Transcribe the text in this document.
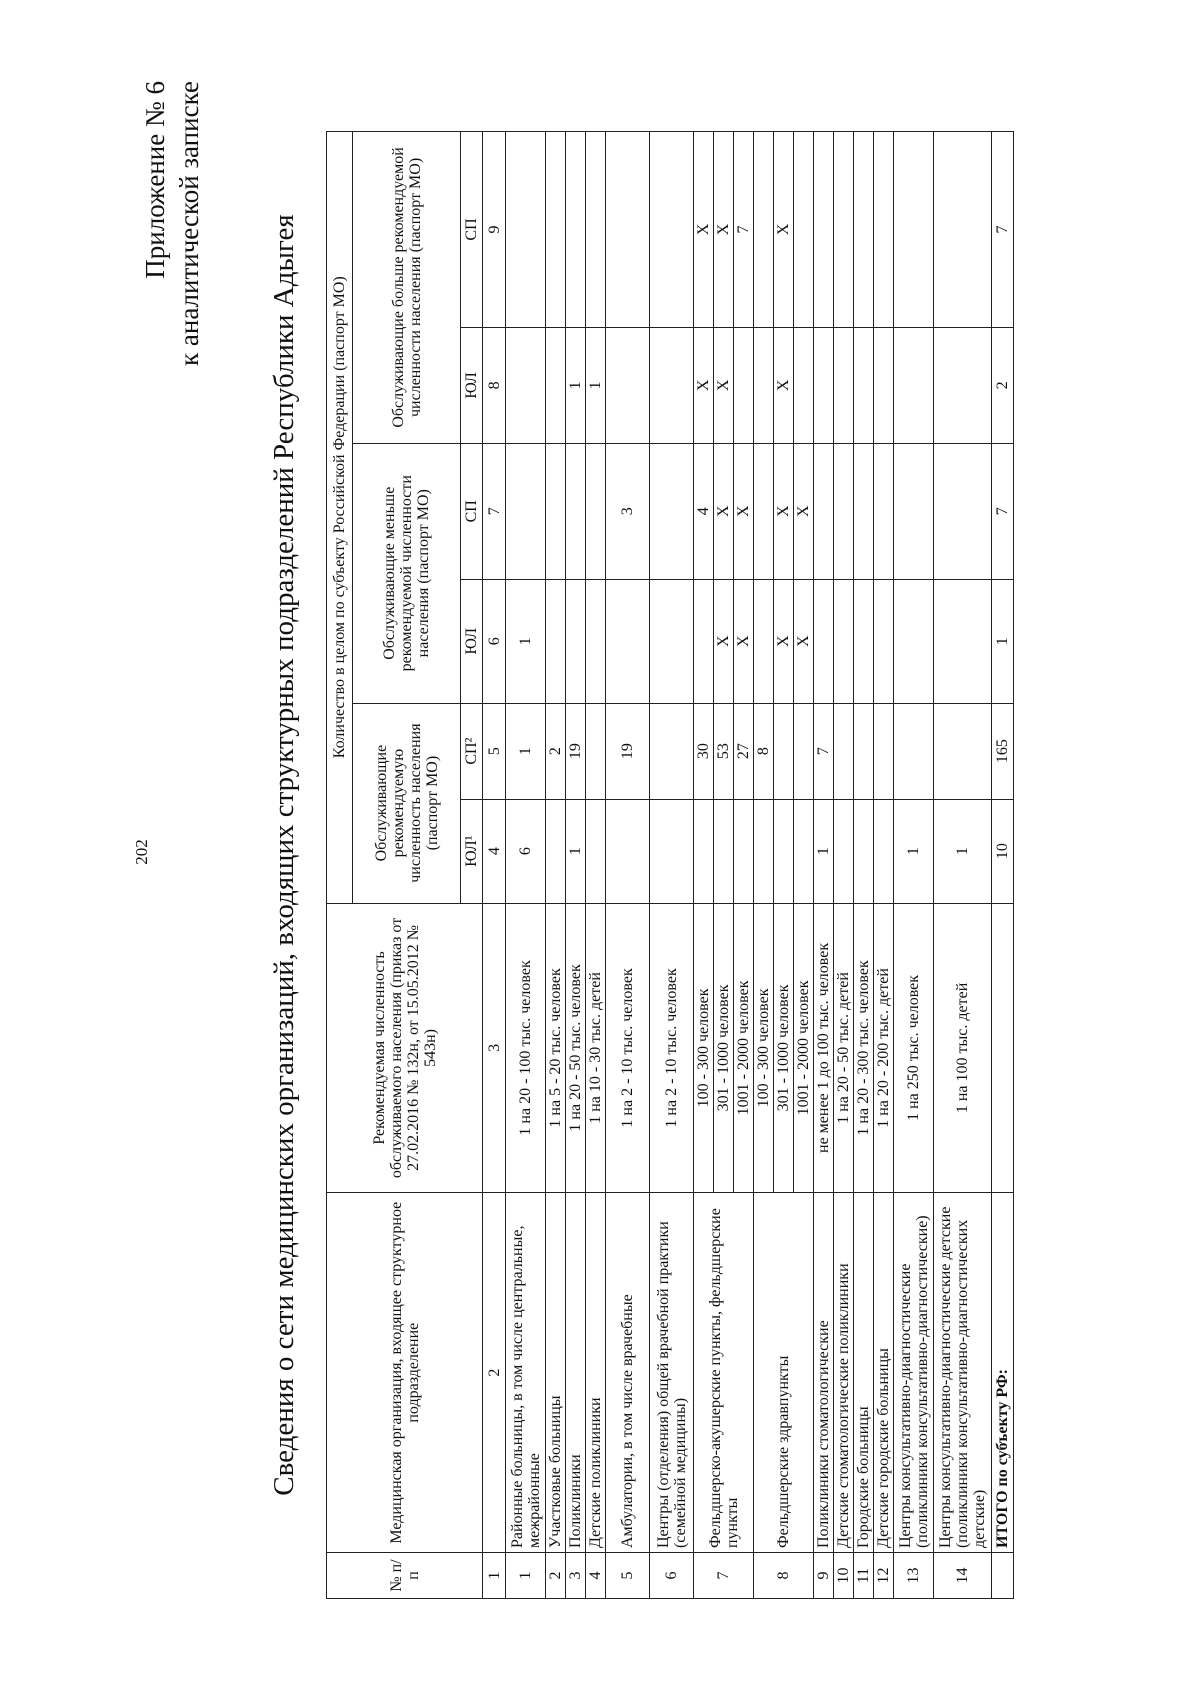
202
Приложение № 6 к аналитической записке Сведения о сети медицинских организаций, входящих структурных подразделений Республики Адыгея
№ п/п	Медицинская организация, входящее структурное подразделение	Рекомендуемая численность обслуживаемого населения (приказ от 27.02.2016 № 132н, от 15.05.2012 № 543н)	Количество в целом по субъекту Российской Федерации (паспорт МО)					
			Обслуживающие рекомендуемую численность населения (паспорт МО)		Обслуживающие меньше рекомендуемой численности населения (паспорт МО)		Обслуживающие больше рекомендуемой численности населения (паспорт МО)	
			ЮЛ¹	СП²	ЮЛ	СП	ЮЛ	СП
1	2	3	4	5	6	7	8	9
1	Районные больницы, в том числе центральные, межрайонные	1 на 20 - 100 тыс. человек	6	1	1			
2	Участковые больницы	1 на 5 - 20 тыс. человек		2				
3	Поликлиники	1 на 20 - 50 тыс. человек	1	19			1	
4	Детские поликлиники	1 на 10 - 30 тыс. детей					1	
5	Амбулатории, в том числе врачебные	1 на 2 - 10 тыс. человек		19		3		
6	Центры (отделения) общей врачебной практики (семейной медицины)	1 на 2 - 10 тыс. человек						
7	Фельдшерско-акушерские пункты, фельдшерские пункты	100 - 300 человек		30		4	Х	Х
		301 - 1000 человек		53	Х	Х	Х	Х
		1001 - 2000 человек		27	Х	Х		7
8	Фельдшерские здравпункты	100 - 300 человек		8				
		301 - 1000 человек			Х	Х	Х	Х
		1001 - 2000 человек			Х	Х		
9	Поликлиники стоматологические	не менее 1 до 100 тыс. человек	1	7				
10	Детские стоматологические поликлиники	1 на 20 - 50 тыс. детей						
11	Городские больницы	1 на 20 - 300 тыс. человек						
12	Детские городские больницы	1 на 20 - 200 тыс. детей						
13	Центры консультативно-диагностические (поликлиники консультативно-диагностические)	1 на 250 тыс. человек	1					
14	Центры консультативно-диагностические детские (поликлиники консультативно-диагностических детские)	1 на 100 тыс. детей	1					
	ИТОГО по субъекту РФ:		10	165	1	7	2	7
